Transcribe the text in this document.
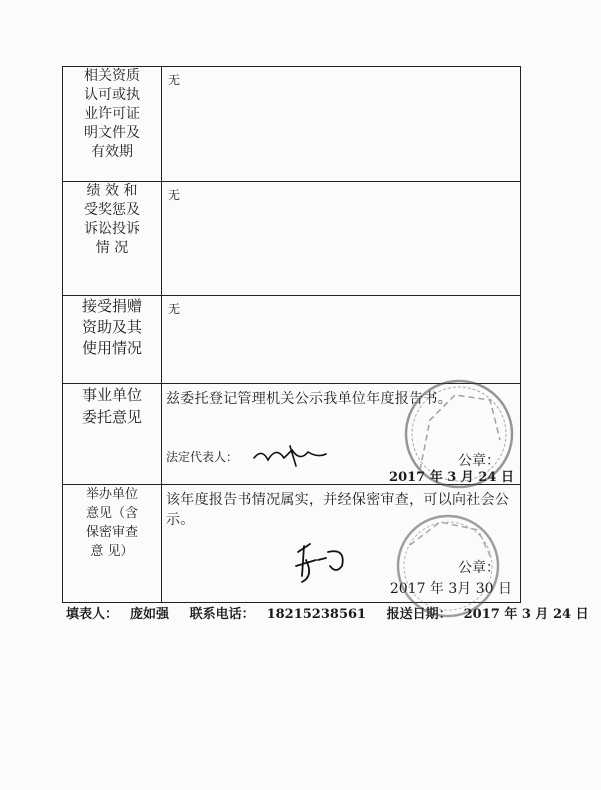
相关资质
认可或执
业许可证
明文件及
有效期	无

绩 效 和
受奖惩及
诉讼投诉
情 况	无

接受捐赠
资助及其
使用情况	无

事业单位
委托意见	兹委托登记管理机关公示我单位年度报告书。
法定代表人： 公章：
2017 年 3 月 24 日

举办单位
意见（含
保密审查
意 见）	该年度报告书情况属实，并经保密审查，可以向社会公示。
公章：
2017 年 3月 30 日
填表人： 庞如强 联系电话： 18215238561 报送日期： 2017 年 3 月 24 日
